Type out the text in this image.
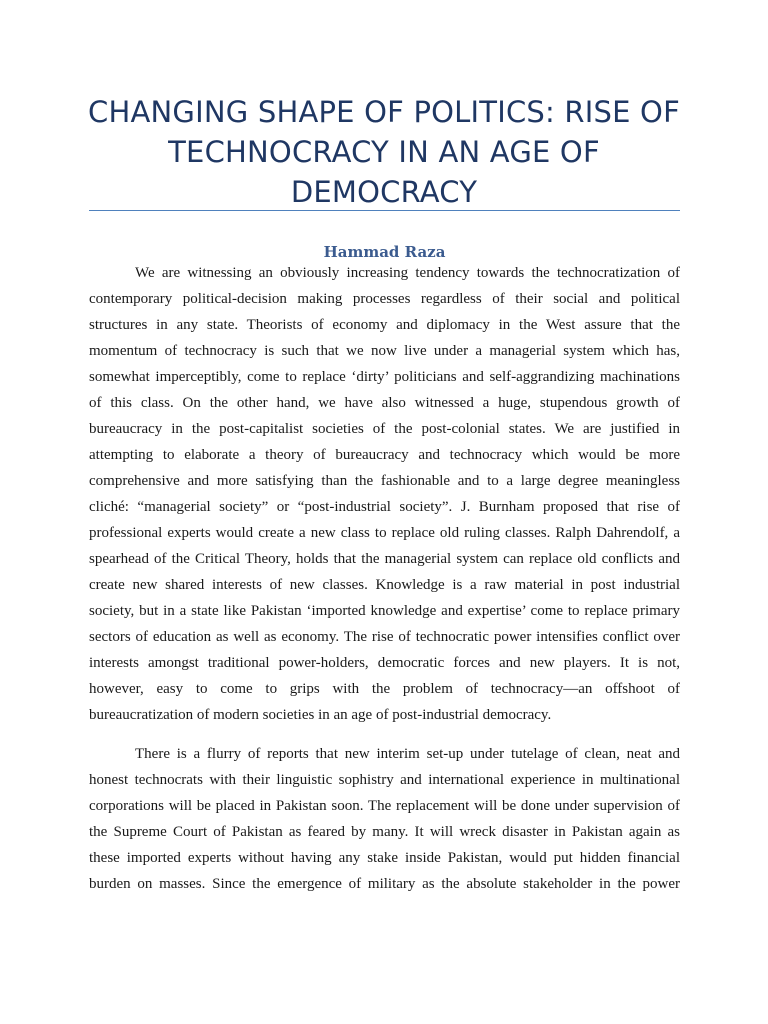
CHANGING SHAPE OF POLITICS: RISE OF
TECHNOCRACY IN AN AGE OF
DEMOCRACY
Hammad Raza

We are witnessing an obviously increasing tendency towards the technocratization of

contemporary political-decision making processes regardless of their social and political

structures in any state. Theorists of economy and diplomacy in the West assure that the

momentum of technocracy is such that we now live under a managerial system which has,

somewhat imperceptibly, come to replace ‘dirty’ politicians and self-aggrandizing machinations

of this class. On the other hand, we have also witnessed a huge, stupendous growth of

bureaucracy in the post-capitalist societies of the post-colonial states. We are justified in

attempting to elaborate a theory of bureaucracy and technocracy which would be more

comprehensive and more satisfying than the fashionable and to a large degree meaningless

cliché: “managerial society” or “post-industrial society”. J. Burnham proposed that rise of

professional experts would create a new class to replace old ruling classes. Ralph Dahrendolf, a

spearhead of the Critical Theory, holds that the managerial system can replace old conflicts and

create new shared interests of new classes. Knowledge is a raw material in post industrial

society, but in a state like Pakistan ‘imported knowledge and expertise’ come to replace primary

sectors of education as well as economy. The rise of technocratic power intensifies conflict over

interests amongst traditional power-holders, democratic forces and new players. It is not,

however, easy to come to grips with the problem of technocracy—an offshoot of

bureaucratization of modern societies in an age of post-industrial democracy.

There is a flurry of reports that new interim set-up under tutelage of clean, neat and

honest technocrats with their linguistic sophistry and international experience in multinational

corporations will be placed in Pakistan soon. The replacement will be done under supervision of

the Supreme Court of Pakistan as feared by many. It will wreck disaster in Pakistan again as

these imported experts without having any stake inside Pakistan, would put hidden financial

burden on masses. Since the emergence of military as the absolute stakeholder in the power
